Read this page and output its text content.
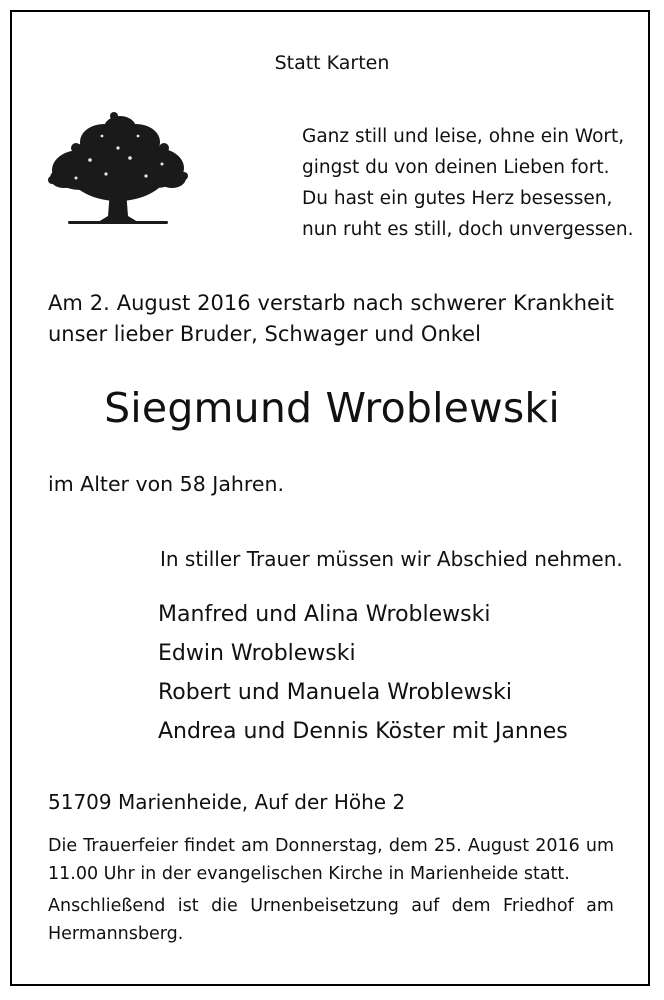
Statt Karten
Ganz still und leise, ohne ein Wort,
gingst du von deinen Lieben fort.
Du hast ein gutes Herz besessen,
nun ruht es still, doch unvergessen.
Am 2. August 2016 verstarb nach schwerer Krankheit
unser lieber Bruder, Schwager und Onkel
Siegmund Wroblewski
im Alter von 58 Jahren.
In stiller Trauer müssen wir Abschied nehmen.
Manfred und Alina Wroblewski
Edwin Wroblewski
Robert und Manuela Wroblewski
Andrea und Dennis Köster mit Jannes
51709 Marienheide, Auf der Höhe 2
Die Trauerfeier findet am Donnerstag, dem 25. August 2016 um
11.00 Uhr in der evangelischen Kirche in Marienheide statt.
Anschließend ist die Urnenbeisetzung auf dem Friedhof am
Hermannsberg.
